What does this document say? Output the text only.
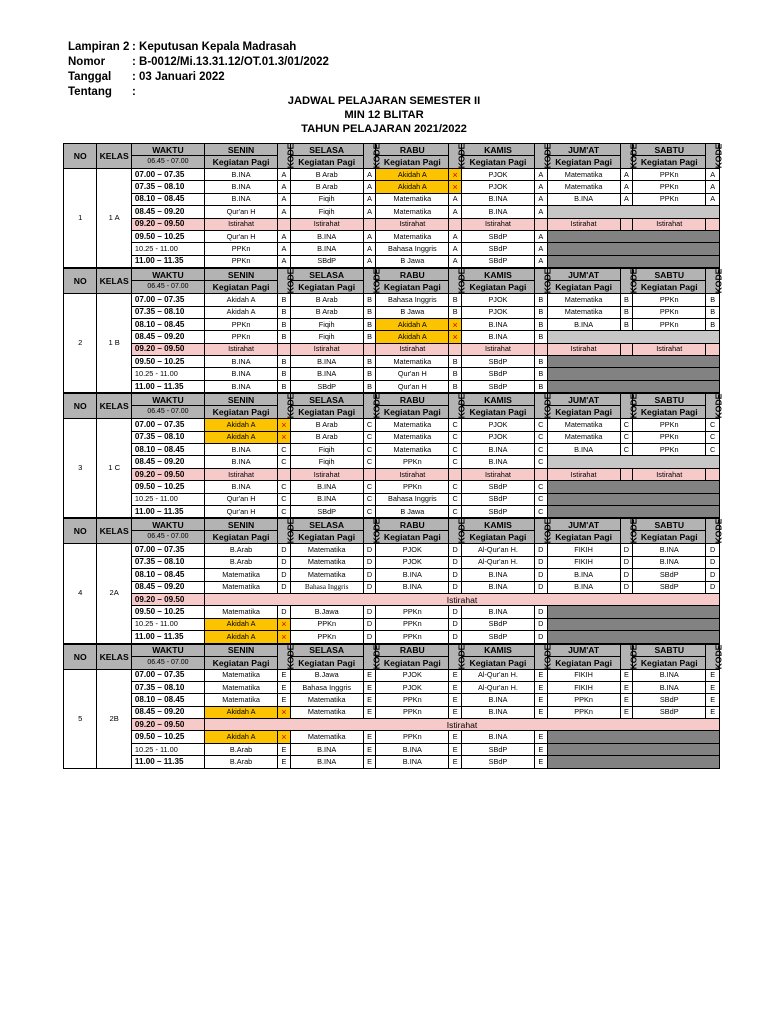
Lampiran 2 : Keputusan Kepala Madrasah
Nomor	: B-0012/Mi.13.31.12/OT.01.3/01/2022
Tanggal	: 03 Januari 2022
Tentang	:
JADWAL PELAJARAN SEMESTER II
MIN 12 BLITAR
TAHUN PELAJARAN 2021/2022
NO	KELAS	WAKTU	SENIN	KODE	SELASA	KODE	RABU	KODE	KAMIS	KODE	JUM'AT	KODE	SABTU	KODE
		06.45 - 07.00	Kegiatan Pagi		Kegiatan Pagi		Kegiatan Pagi		Kegiatan Pagi		Kegiatan Pagi		Kegiatan Pagi	
1	1 A	07.00 – 07.35	B.INA	A	B Arab	A	Akidah A	×	PJOK	A	Matematika	A	PPKn	A
		07.35 – 08.10	B.INA	A	B Arab	A	Akidah A	×	PJOK	A	Matematika	A	PPKn	A
		08.10 – 08.45	B.INA	A	Fiqih	A	Matematika	A	B.INA	A	B.INA	A	PPKn	A
		08.45 – 09.20	Qur'an H	A	Fiqih	A	Matematika	A	B.INA	A				
		09.20 – 09.50	Istirahat		Istirahat		Istirahat		Istirahat		Istirahat		Istirahat	
		09.50 – 10.25	Qur'an H	A	B.INA	A	Matematika	A	SBdP	A				
		10.25 - 11.00	PPKn	A	B.INA	A	Bahasa Inggris	A	SBdP	A				
		11.00 – 11.35	PPKn	A	SBdP	A	B Jawa	A	SBdP	A				
NO	KELAS	WAKTU	SENIN	KODE	SELASA	KODE	RABU	KODE	KAMIS	KODE	JUM'AT	KODE	SABTU	KODE
		06.45 - 07.00	Kegiatan Pagi		Kegiatan Pagi		Kegiatan Pagi		Kegiatan Pagi		Kegiatan Pagi		Kegiatan Pagi	
2	1 B	07.00 – 07.35	Akidah A	B	B Arab	B	Bahasa Inggris	B	PJOK	B	Matematika	B	PPKn	B
		07.35 – 08.10	Akidah A	B	B Arab	B	B Jawa	B	PJOK	B	Matematika	B	PPKn	B
		08.10 – 08.45	PPKn	B	Fiqih	B	Akidah A	×	B.INA	B	B.INA	B	PPKn	B
		08.45 – 09.20	PPKn	B	Fiqih	B	Akidah A	×	B.INA	B				
		09.20 – 09.50	Istirahat		Istirahat		Istirahat		Istirahat		Istirahat		Istirahat	
		09.50 – 10.25	B.INA	B	B.INA	B	Matematika	B	SBdP	B				
		10.25 - 11.00	B.INA	B	B.INA	B	Qur'an H	B	SBdP	B				
		11.00 – 11.35	B.INA	B	SBdP	B	Qur'an H	B	SBdP	B				
NO	KELAS	WAKTU	SENIN	KODE	SELASA	KODE	RABU	KODE	KAMIS	KODE	JUM'AT	KODE	SABTU	KODE
		06.45 - 07.00	Kegiatan Pagi		Kegiatan Pagi		Kegiatan Pagi		Kegiatan Pagi		Kegiatan Pagi		Kegiatan Pagi	
3	1 C	07.00 – 07.35	Akidah A	×	B Arab	C	Matematika	C	PJOK	C	Matematika	C	PPKn	C
		07.35 – 08.10	Akidah A	×	B Arab	C	Matematika	C	PJOK	C	Matematika	C	PPKn	C
		08.10 – 08.45	B.INA	C	Fiqih	C	Matematika	C	B.INA	C	B.INA	C	PPKn	C
		08.45 – 09.20	B.INA	C	Fiqih	C	PPKn	C	B.INA	C				
		09.20 – 09.50	Istirahat		Istirahat		Istirahat		Istirahat		Istirahat		Istirahat	
		09.50 – 10.25	B.INA	C	B.INA	C	PPKn	C	SBdP	C				
		10.25 - 11.00	Qur'an H	C	B.INA	C	Bahasa Inggris	C	SBdP	C				
		11.00 – 11.35	Qur'an H	C	SBdP	C	B Jawa	C	SBdP	C				
NO	KELAS	WAKTU	SENIN	KODE	SELASA	KODE	RABU	KODE	KAMIS	KODE	JUM'AT	KODE	SABTU	KODE
		06.45 - 07.00	Kegiatan Pagi		Kegiatan Pagi		Kegiatan Pagi		Kegiatan Pagi		Kegiatan Pagi		Kegiatan Pagi	
4	2A	07.00 – 07.35	B.Arab	D	Matematika	D	PJOK	D	Al-Qur'an H.	D	FIKIH	D	B.INA	D
		07.35 – 08.10	B.Arab	D	Matematika	D	PJOK	D	Al-Qur'an H.	D	FIKIH	D	B.INA	D
		08.10 – 08.45	Matematika	D	Matematika	D	B.INA	D	B.INA	D	B.INA	D	SBdP	D
		08.45 – 09.20	Matematika	D	Bahasa Inggris	D	B.INA	D	B.INA	D	B.INA	D	SBdP	D
		09.20 – 09.50	Istirahat											
		09.50 – 10.25	Matematika	D	B.Jawa	D	PPKn	D	B.INA	D				
		10.25 - 11.00	Akidah A	×	PPKn	D	PPKn	D	SBdP	D				
		11.00 – 11.35	Akidah A	×	PPKn	D	PPKn	D	SBdP	D				
NO	KELAS	WAKTU	SENIN	KODE	SELASA	KODE	RABU	KODE	KAMIS	KODE	JUM'AT	KODE	SABTU	KODE
		06.45 - 07.00	Kegiatan Pagi		Kegiatan Pagi		Kegiatan Pagi		Kegiatan Pagi		Kegiatan Pagi		Kegiatan Pagi	
5	2B	07.00 – 07.35	Matematika	E	B.Jawa	E	PJOK	E	Al-Qur'an H.	E	FIKIH	E	B.INA	E
		07.35 – 08.10	Matematika	E	Bahasa Inggris	E	PJOK	E	Al-Qur'an H.	E	FIKIH	E	B.INA	E
		08.10 – 08.45	Matematika	E	Matematika	E	PPKn	E	B.INA	E	PPKn	E	SBdP	E
		08.45 – 09.20	Akidah A	×	Matematika	E	PPKn	E	B.INA	E	PPKn	E	SBdP	E
		09.20 – 09.50	Istirahat											
		09.50 – 10.25	Akidah A	×	Matematika	E	PPKn	E	B.INA	E				
		10.25 - 11.00	B.Arab	E	B.INA	E	B.INA	E	SBdP	E				
		11.00 – 11.35	B.Arab	E	B.INA	E	B.INA	E	SBdP	E				
